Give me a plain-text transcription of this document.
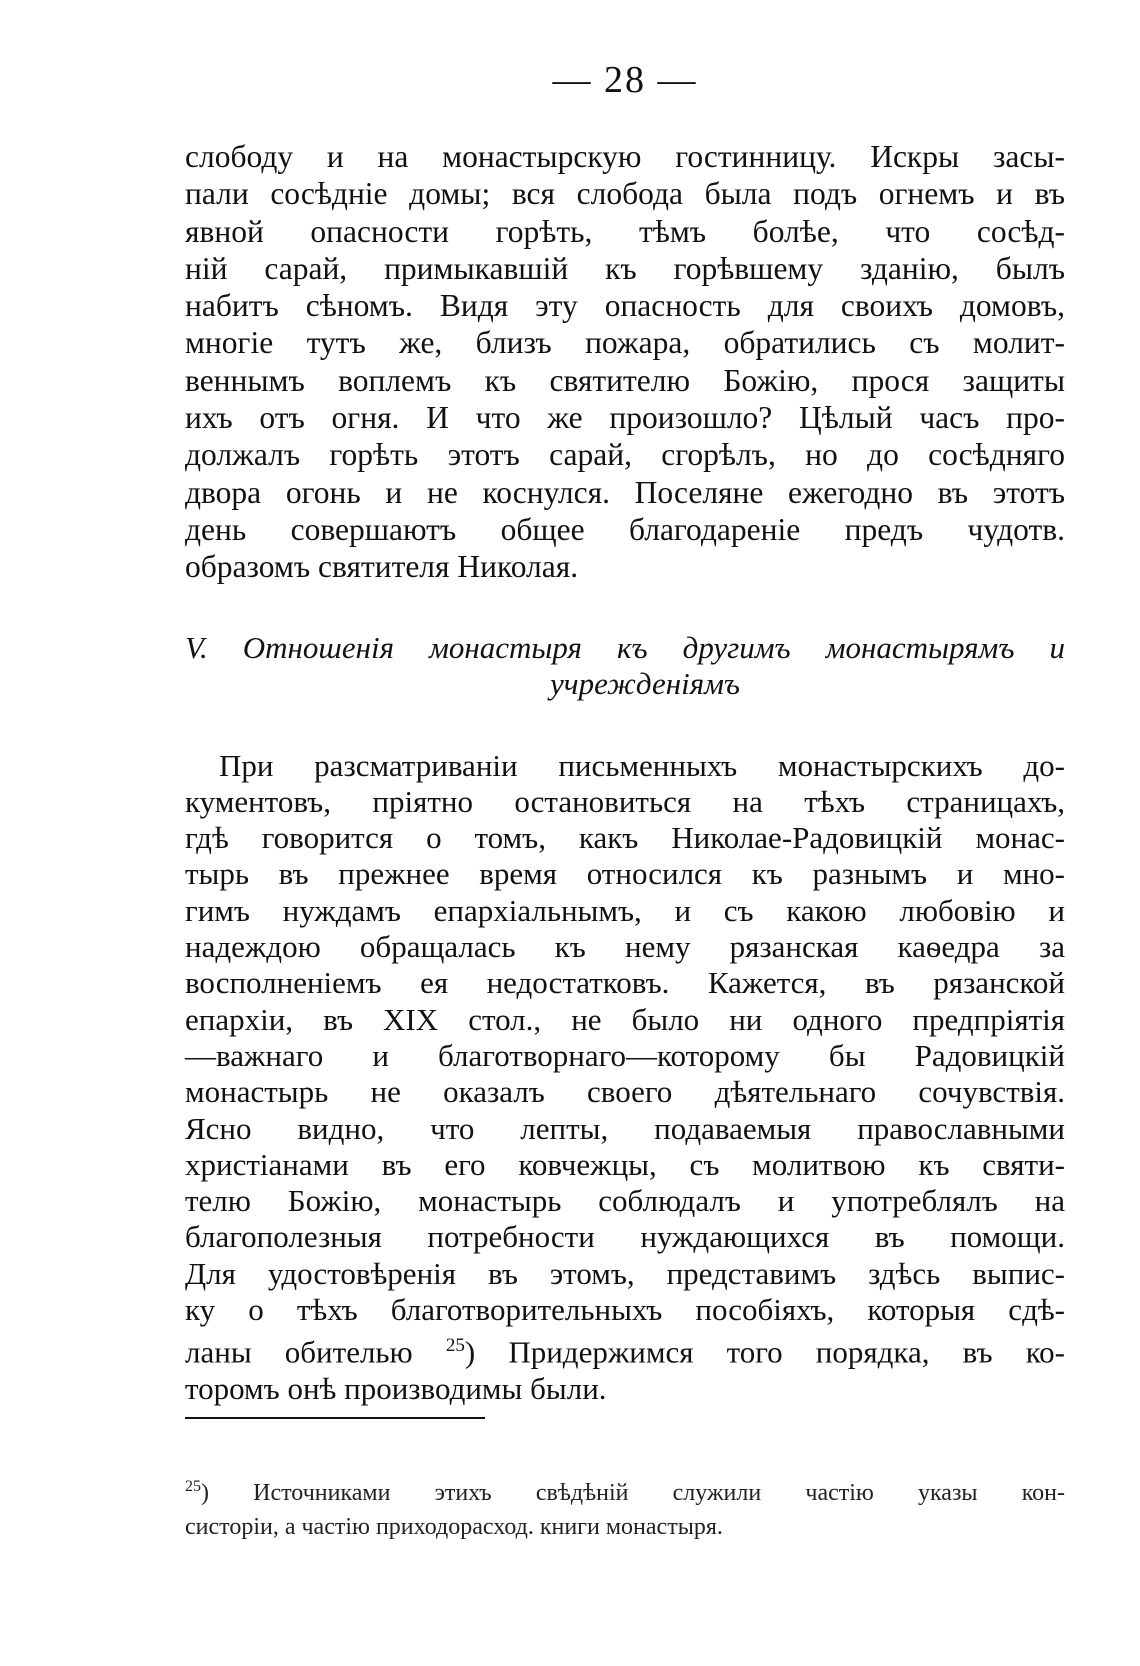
— 28 —
слободу и на монастырскую гостинницу. Искры засы-
пали сосѣдніе домы; вся слобода была подъ огнемъ и въ
явной опасности горѣть, тѣмъ болѣе, что сосѣд-
ній сарай, примыкавшій къ горѣвшему зданію, былъ
набитъ сѣномъ. Видя эту опасность для своихъ домовъ,
многіе тутъ же, близъ пожара, обратились съ молит-
веннымъ воплемъ къ святителю Божію, прося защиты
ихъ отъ огня. И что же произошло? Цѣлый часъ про-
должалъ горѣть этотъ сарай, сгорѣлъ, но до сосѣдняго
двора огонь и не коснулся. Поселяне ежегодно въ этотъ
день совершаютъ общее благодареніе предъ чудотв.
образомъ святителя Николая.
V. Отношенія монастыря къ другимъ монастырямъ и
учрежденіямъ
При разсматриваніи письменныхъ монастырскихъ до-
кументовъ, пріятно остановиться на тѣхъ страницахъ,
гдѣ говорится о томъ, какъ Николае-Радовицкій монас-
тырь въ прежнее время относился къ разнымъ и мно-
гимъ нуждамъ епархіальнымъ, и съ какою любовію и
надеждою обращалась къ нему рязанская каѳедра за
восполненіемъ ея недостатковъ. Кажется, въ рязанской
епархіи, въ XIX стол., не было ни одного предпріятія
—важнаго и благотворнаго—которому бы Радовицкій
монастырь не оказалъ своего дѣятельнаго сочувствія.
Ясно видно, что лепты, подаваемыя православными
христіанами въ его ковчежцы, съ молитвою къ святи-
телю Божію, монастырь соблюдалъ и употреблялъ на
благополезныя потребности нуждающихся въ помощи.
Для удостовѣренія въ этомъ, представимъ здѣсь выпис-
ку о тѣхъ благотворительныхъ пособіяхъ, которыя сдѣ-
ланы обителью $^{25}$) Придержимся того порядка, въ ко-
торомъ онѣ производимы были.
$^{25}$) Источниками этихъ свѣдѣній служили частію указы кон-
систоріи, а частію приходорасход. книги монастыря.
